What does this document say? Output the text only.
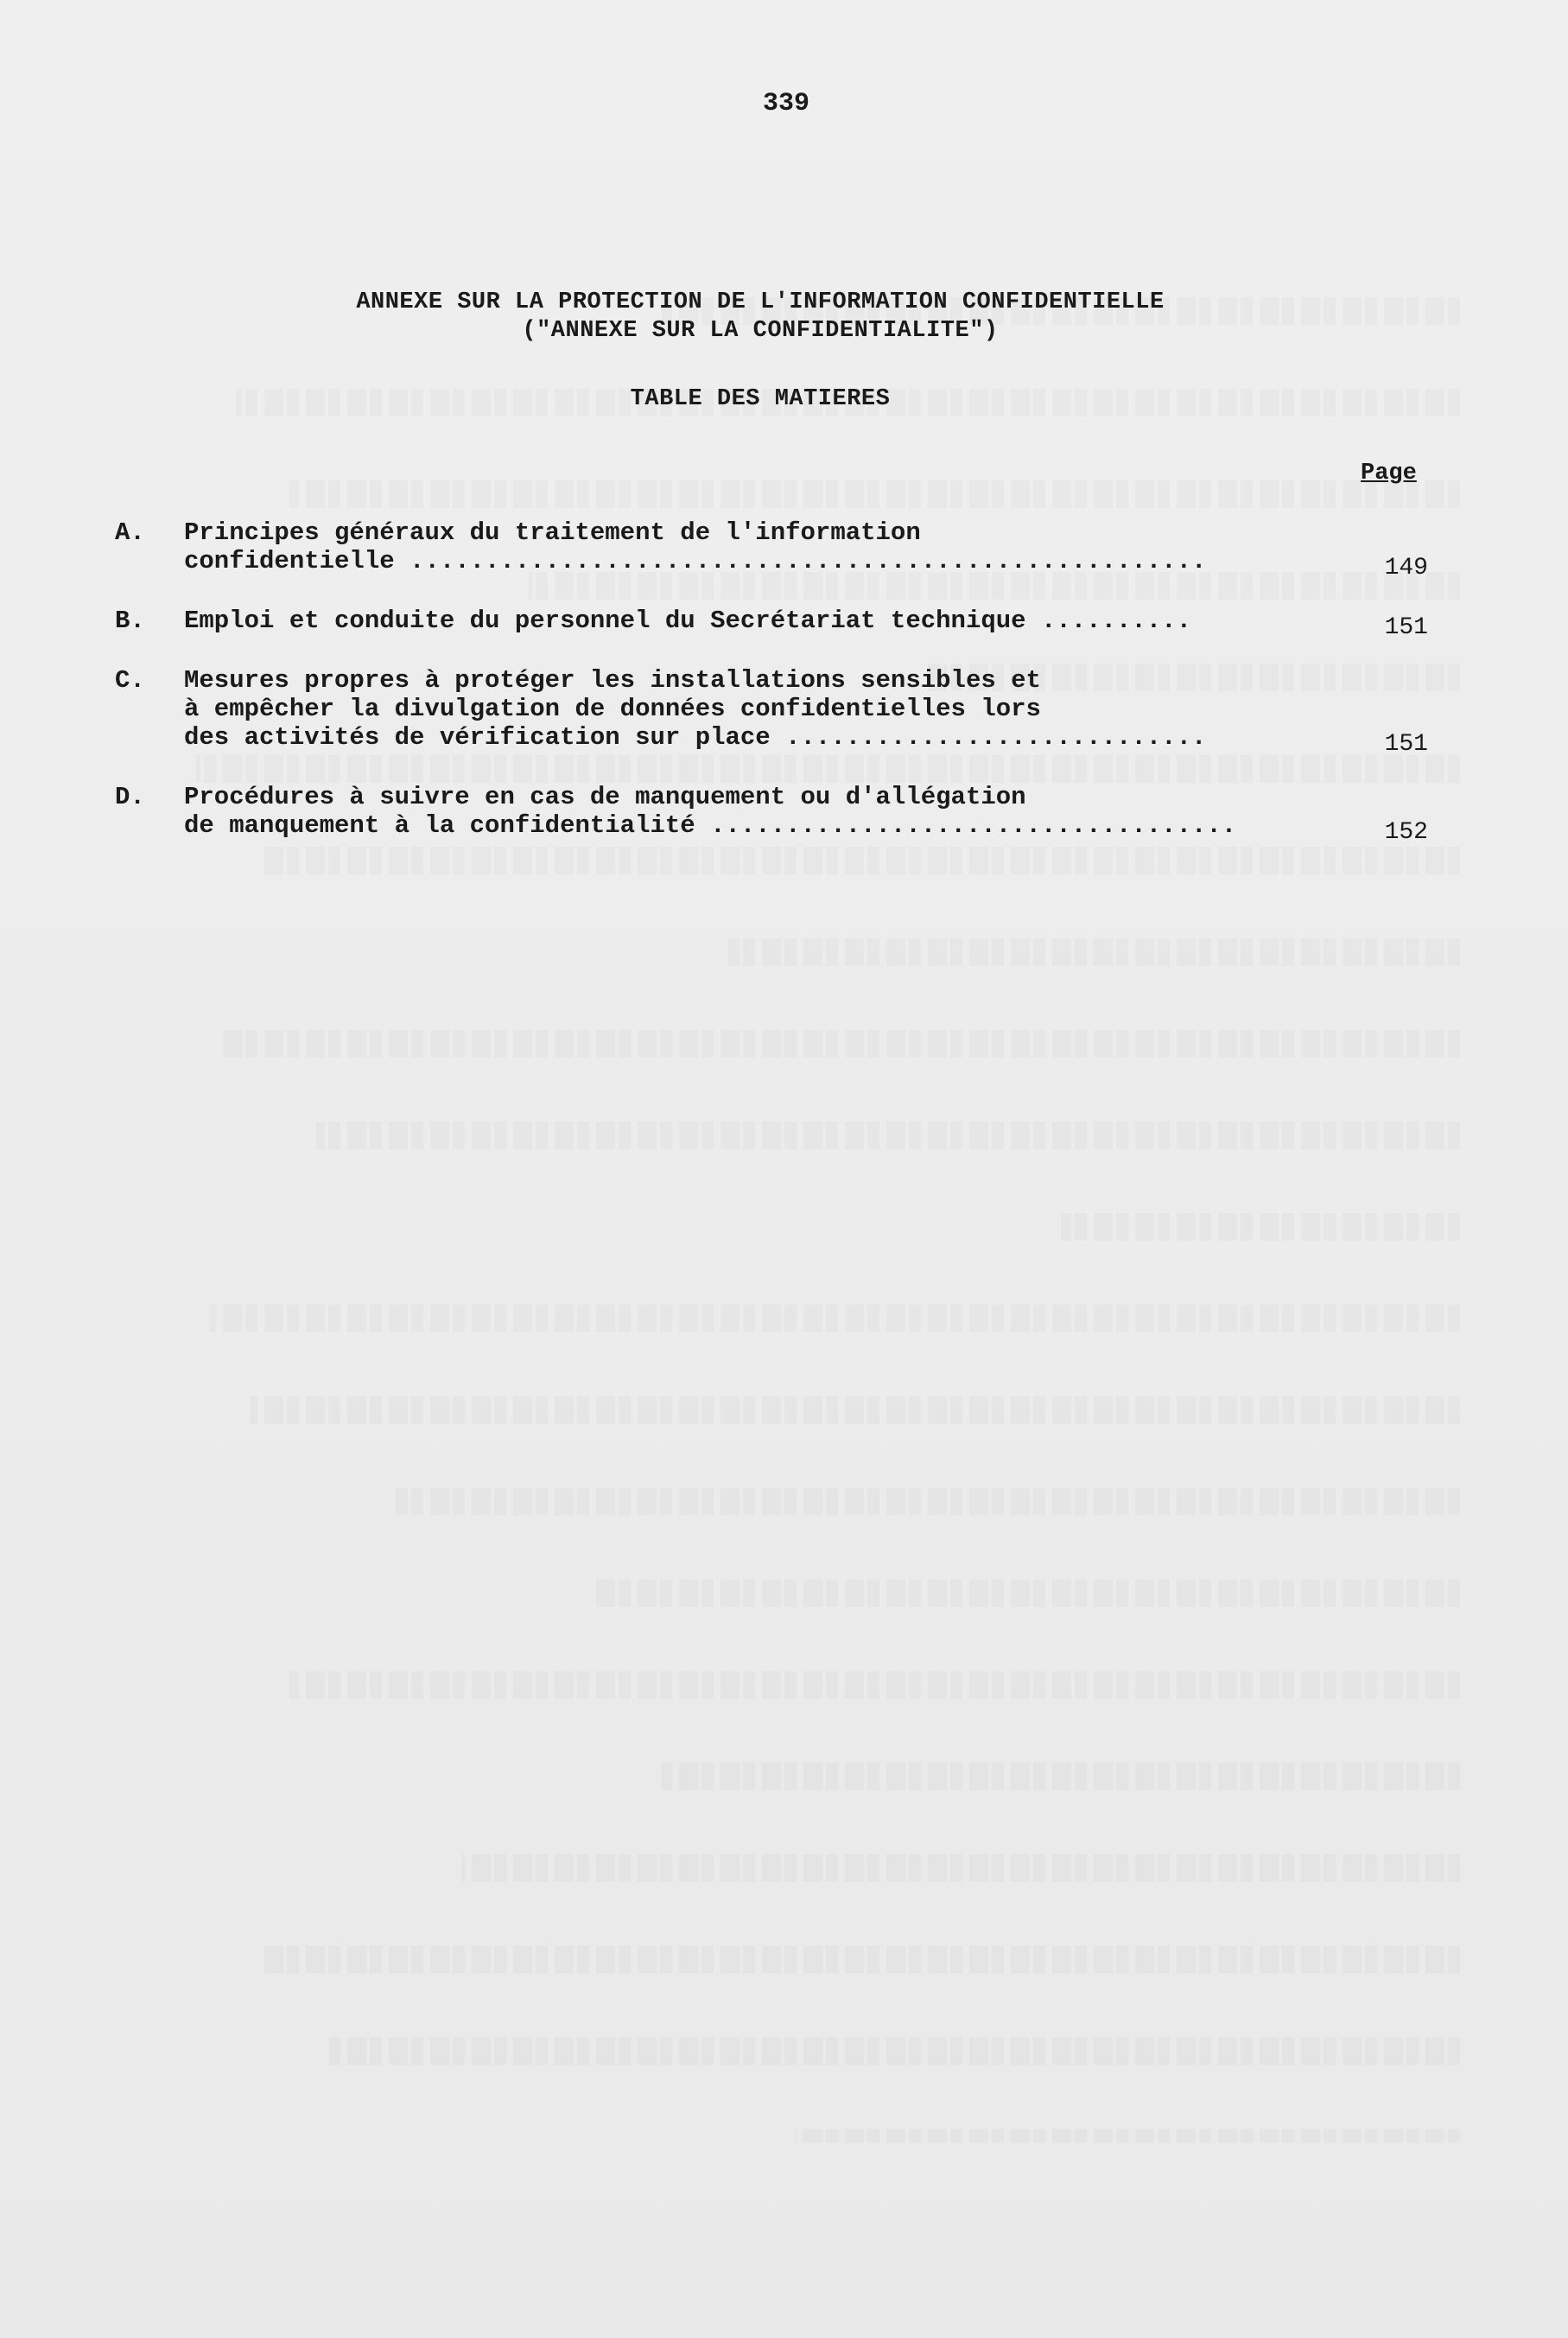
339
ANNEXE SUR LA PROTECTION DE L'INFORMATION CONFIDENTIELLE
("ANNEXE SUR LA CONFIDENTIALITE")
TABLE DES MATIERES
Page
A.	Principes généraux du traitement de l'information
confidentielle .....................................................	149
B.	Emploi et conduite du personnel du Secrétariat technique ..........	151
C.	Mesures propres à protéger les installations sensibles et
à empêcher la divulgation de données confidentielles lors
des activités de vérification sur place ............................	151
D.	Procédures à suivre en cas de manquement ou d'allégation
de manquement à la confidentialité ...................................	152
